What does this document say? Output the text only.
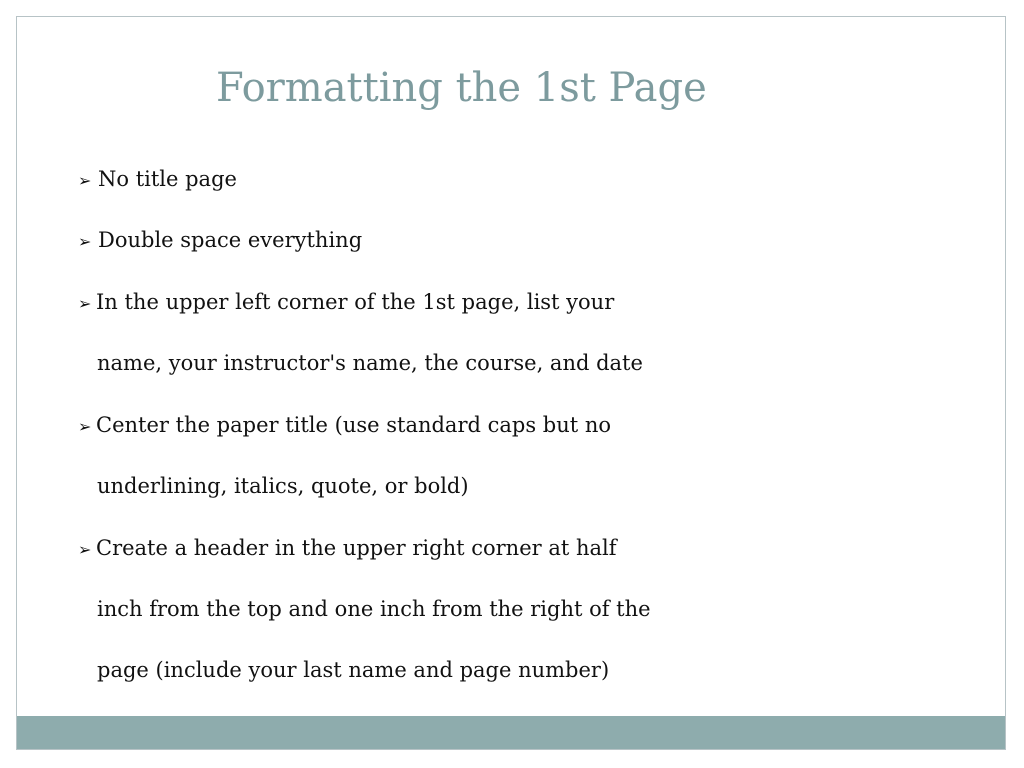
Formatting the 1st Page
➢ No title page
➢ Double space everything
➢ In the upper left corner of the 1st page, list your
name, your instructor's name, the course, and date
➢ Center the paper title (use standard caps but no
underlining, italics, quote, or bold)
➢ Create a header in the upper right corner at half
inch from the top and one inch from the right of the
page (include your last name and page number)
